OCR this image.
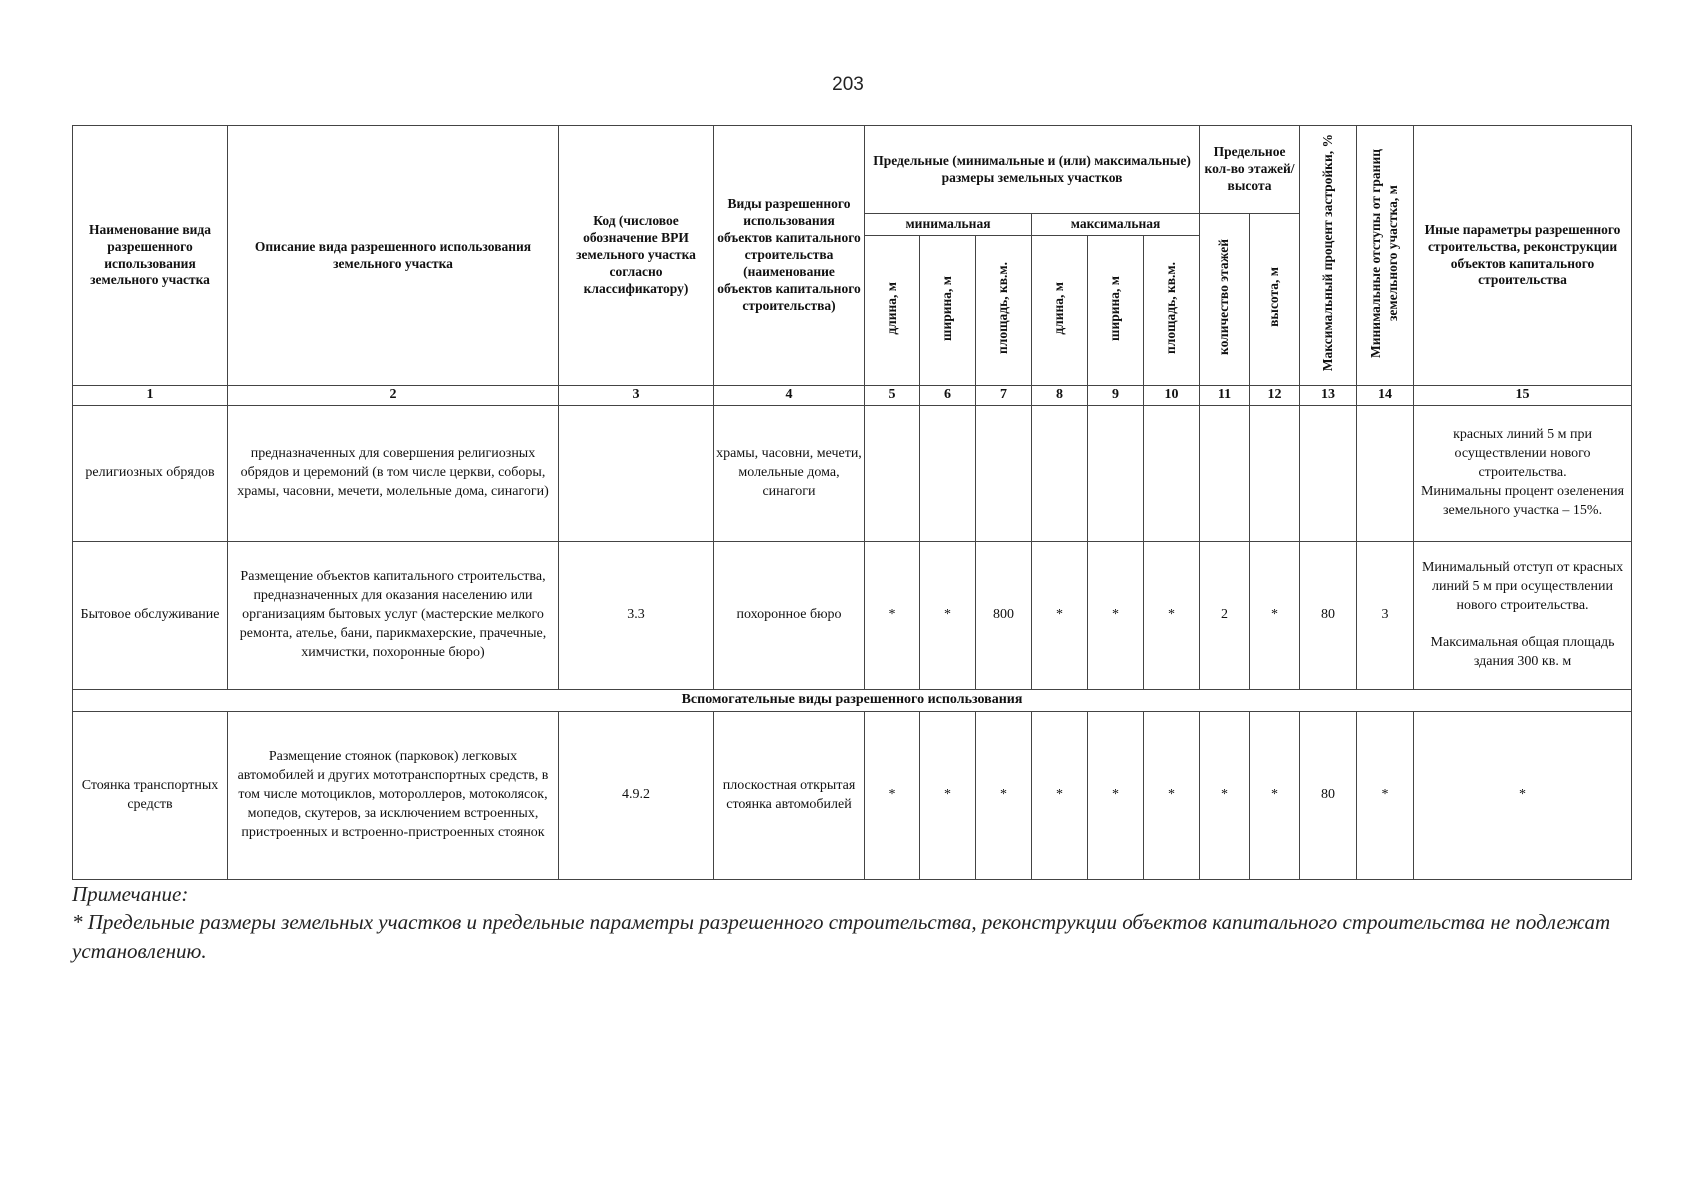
203
Наименование вида разрешенного использования земельного участка	Описание вида разрешенного использования земельного участка	Код (числовое обозначение ВРИ земельного участка согласно классификатору)	Виды разрешенного использования объектов капитального строительства (наименование объектов капитального строительства)	Предельные (минимальные и (или) максимальные) размеры земельных участков						Предельное кол-во этажей/ высота		Максимальный процент застройки, %	Минимальные отступы от границ земельного участка, м	Иные параметры разрешенного строительства, реконструкции объектов капитального строительства
				минимальная			максимальная			количество этажей	высота, м			
				длина, м	ширина, м	площадь, кв.м.	длина, м	ширина, м	площадь, кв.м.					
1	2	3	4	5	6	7	8	9	10	11	12	13	14	15
религиозных обрядов	предназначенных для совершения религиозных обрядов и церемоний (в том числе церкви, соборы, храмы, часовни, мечети, молельные дома, синагоги)		храмы, часовни, мечети, молельные дома, синагоги											красных линий 5 м при осуществлении нового строительства.
Минимальны процент озеленения земельного участка – 15%.

Бытовое обслуживание	Размещение объектов капитального строительства, предназначенных для оказания населению или организациям бытовых услуг (мастерские мелкого ремонта, ателье, бани, парикмахерские, прачечные, химчистки, похоронные бюро)	3.3	похоронное бюро	*	*	800	*	*	*	2	*	80	3	Минимальный отступ от красных линий 5 м при осуществлении нового строительства.
Максимальная общая площадь здания 300 кв. м

Вспомогательные виды разрешенного использования														
Стоянка транспортных средств	Размещение стоянок (парковок) легковых автомобилей и других мототранспортных средств, в том числе мотоциклов, мотороллеров, мотоколясок, мопедов, скутеров, за исключением встроенных, пристроенных и встроенно-пристроенных стоянок	4.9.2	плоскостная открытая стоянка автомобилей	*	*	*	*	*	*	*	*	80	*	*
Примечание:
* Предельные размеры земельных участков и предельные параметры разрешенного строительства, реконструкции объектов капитального строительства не подлежат установлению.
